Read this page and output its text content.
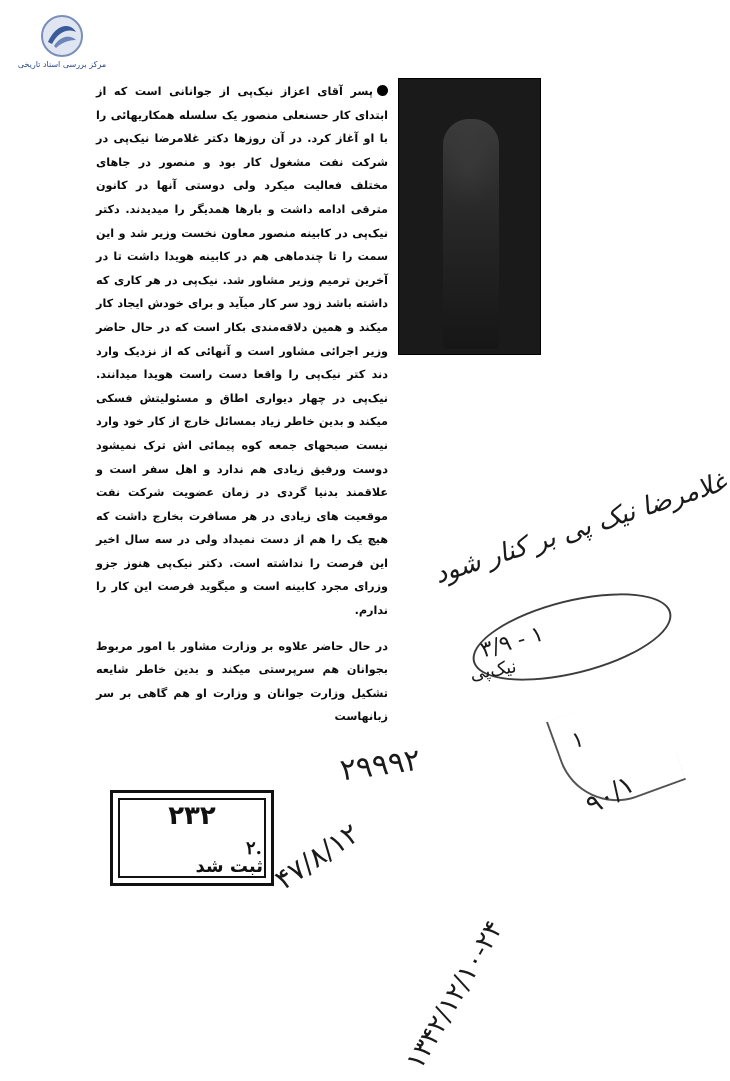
مرکز بررسی اسناد تاریخی

پسر آقای اعزاز نیک‌پی از جوانانی است که از ابتدای کار حسنعلی منصور یک سلسله همکاریهائی را با او آغاز کرد. در آن روزها دکتر غلامرضا نیک‌پی در شرکت نفت مشغول کار بود و منصور در جاهای مختلف فعالیت میکرد ولی دوستی آنها در کانون مترقی ادامه داشت و بارها همدیگر را میدیدند. دکتر نیک‌پی در کابینه منصور معاون نخست وزیر شد و این سمت را تا چندماهی هم در کابینه هویدا داشت تا در آخرین ترمیم وزیر مشاور شد. نیک‌پی در هر کاری که داشته باشد زود سر کار میآید و برای خودش ایجاد کار میکند و همین دلاقه‌مندی بکار است که در حال حاضر وزیر اجرائی مشاور است و آنهائی که از نزدیک وارد دند کتر نیک‌پی را واقعا دست راست هویدا میدانند. نیک‌پی در چهار دیواری اطاق و مسئولیتش فسکی میکند و بدین خاطر زیاد بمسائل خارج از کار خود وارد نیست صبحهای جمعه کوه پیمائی اش ترک نمیشود دوست ورفیق زیادی هم ندارد و اهل سفر است و علاقمند بدنیا گردی در زمان عضویت شرکت نفت موقعیت های زیادی در هر مسافرت بخارج داشت که هیچ یک را هم از دست نمیداد ولی در سه سال اخیر این فرصت را نداشته است. دکتر نیک‌پی هنوز جزو وزرای مجرد کابینه است و میگوید فرصت این کار را ندارم.

در حال حاضر علاوه بر وزارت مشاور با امور مربوط بجوانان هم سرپرستی میکند و بدین خاطر شایعه تشکیل وزارت جوانان و وزارت او هم گاهی بر سر زبانهاست

غلامرضا نیک پی بر کنار شود
۳/۹ - ۱
نیک‌پی
۱
۹۰/۱
۲۹۹۹۲
۴۷/۸/۱۲
۱۳۴۲/۱۲/۱۰-۲۴
۲۳۲
ثبت شد
۲.
